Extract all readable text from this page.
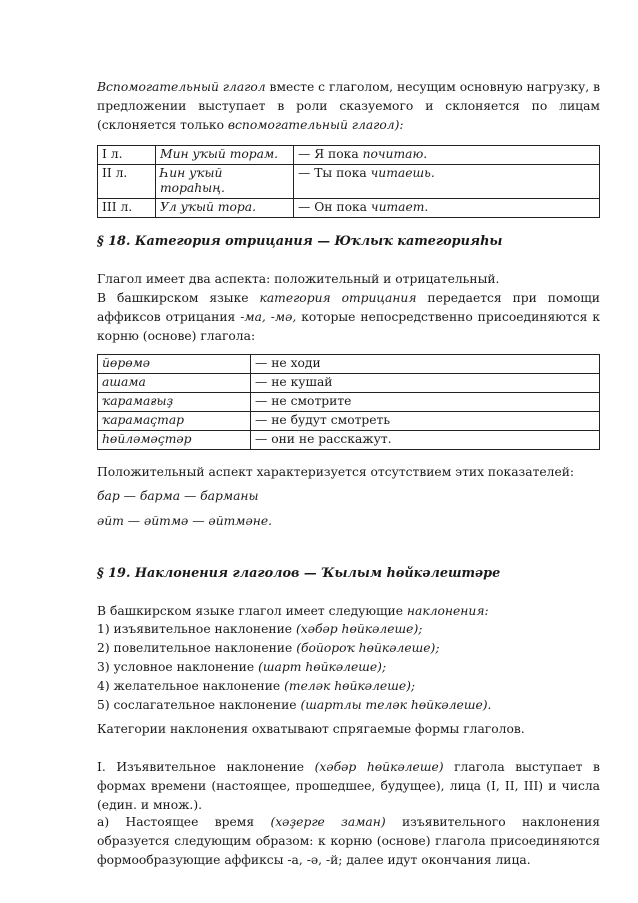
Вспомогательный глагол вместе с глаголом, несущим основную нагрузку, в предложении выступает в роли сказуемого и склоняется по лицам (склоняется только вспомогательный глагол):

I л.	Мин уҡый торам.	— Я пока почитаю.
II л.	Һин уҡый тораһың.	— Ты пока читаешь.
III л.	Ул уҡый тора.	— Он пока читает.

§ 18. Категория отрицания — Юҡлыҡ категорияһы

Глагол имеет два аспекта: положительный и отрицательный.

В башкирском языке категория отрицания передается при помощи аффиксов отрицания -ма, -мә, которые непосредственно присоединяются к корню (основе) глагола:

йөрөмә	— не ходи
ашама	— не кушай
ҡарамағыҙ	— не смотрите
ҡарамаҫтар	— не будут смотреть
һөйләмәҫтәр	— они не расскажут.

Положительный аспект характеризуется отсутствием этих показателей:

бар — барма — барманы

әйт — әйтмә — әйтмәне.

§ 19. Наклонения глаголов — Ҡылым һөйкәлештәре

В башкирском языке глагол имеет следующие наклонения:

1) изъявительное наклонение (хәбәр һөйкәлеше);

2) повелительное наклонение (бойороҡ һөйкәлеше);

3) условное наклонение (шарт һөйкәлеше);

4) желательное наклонение (теләк һөйкәлеше);

5) сослагательное наклонение (шартлы теләк һөйкәлеше).

Категории наклонения охватывают спрягаемые формы глаголов.

I. Изъявительное наклонение (хәбәр һөйкәлеше) глагола выступает в формах времени (настоящее, прошедшее, будущее), лица (I, II, III) и числа (един. и множ.).

а) Настоящее время (хәҙерге заман) изъявительного наклонения образуется следующим образом: к корню (основе) глагола присоединяются формообразующие аффиксы -а, -ә, -й; далее идут окончания лица.
